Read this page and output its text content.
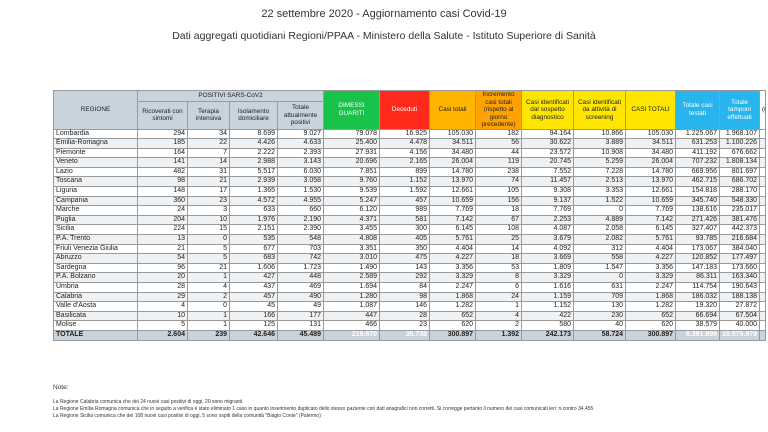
22 settembre 2020 - Aggiornamento casi Covid-19
Dati aggregati quotidiani Regioni/PPAA - Ministero della Salute - Istituto Superiore di Sanità
REGIONE	POSITIVI SARS-CoV2				DIMESSI GUARITI	Deceduti	Casi totali	Incremento casi totali (rispetto al giorno precedente)	Casi identificati dal sospetto diagnostico	Casi identificati da attività di screening	CASI TOTALI	Totale casi testati	Totale tamponi effettuati	(r
	Ricoverati con sintomi	Terapia intensiva	Isolamento domiciliare	Totale attualmente positivi										
Lombardia	294	34	8.699	9.027	79.078	16.925	105.030	182	94.164	10.866	105.030	1.225.067	1.968.107	
Emilia-Romagna	185	22	4.426	4.633	25.400	4.478	34.511	56	30.622	3.889	34.511	631.253	1.100.226	
Piemonte	164	7	2.222	2.393	27.931	4.156	34.480	44	23.572	10.908	34.480	411.192	676.662	
Veneto	141	14	2.988	3.143	20.696	2.165	26.004	119	20.745	5.259	26.004	707.232	1.808.134	
Lazio	482	31	5.517	6.030	7.851	899	14.780	238	7.552	7.228	14.780	669.956	801.697	
Toscana	98	21	2.939	3.058	9.760	1.152	13.970	74	11.457	2.513	13.970	462.715	686.702	
Liguria	148	17	1.365	1.530	9.539	1.592	12.661	105	9.308	3.353	12.661	154.818	288.170	
Campania	360	23	4.572	4.955	5.247	457	10.659	156	9.137	1.522	10.659	345.740	548.330	
Marche	24	3	633	660	6.120	989	7.769	18	7.769	0	7.769	138.616	235.017	
Puglia	204	10	1.976	2.190	4.371	581	7.142	67	2.253	4.889	7.142	271.426	381.476	
Sicilia	224	15	2.151	2.390	3.455	300	6.145	108	4.087	2.058	6.145	327.407	442.373	
P.A. Trento	13	0	535	548	4.808	405	5.761	25	3.679	2.082	5.761	93.785	216.684	
Friuli Venezia Giulia	21	5	677	703	3.351	350	4.404	14	4.092	312	4.404	173.067	384.040	
Abruzzo	54	5	683	742	3.010	475	4.227	18	3.669	558	4.227	120.852	177.497	
Sardegna	96	21	1.606	1.723	1.490	143	3.356	53	1.809	1.547	3.356	147.183	173.660	
P.A. Bolzano	20	1	427	448	2.589	292	3.329	8	3.329	0	3.329	86.311	163.340	
Umbria	28	4	437	469	1.694	84	2.247	6	1.616	631	2.247	114.754	190.643	
Calabria	29	2	457	490	1.280	98	1.868	24	1.159	709	1.868	186.032	188.138	
Valle d'Aosta	4	0	45	49	1.087	146	1.282	1	1.152	130	1.282	19.320	27.872	
Basilicata	10	1	166	177	447	28	652	4	422	230	652	66.694	67.504	
Molise	5	1	125	131	466	23	620	2	580	40	620	38.579	40.000	
TOTALE	2.604	239	42.646	45.489	219.670	35.738	300.897	1.392	242.173	58.724	300.897	6.391.999	10.575.979	
Note:
La Regione Calabria comunica che dei 24 nuovi casi positivi di oggi, 20 sono migranti.
La Regione Emilia Romagna comunica che in seguito a verifica è stato eliminato 1 caso in quanto inserimento duplicato dello stesso paziente con dati anagrafici non corretti. Si corregge pertanto il numero dei casi comunicati ieri: n.contro 34.455
La Regione Sicilia comunica che dei 108 nuovi casi positivi di oggi, 5 sono ospiti della comunità "Biagio Conte" (Palermo)
